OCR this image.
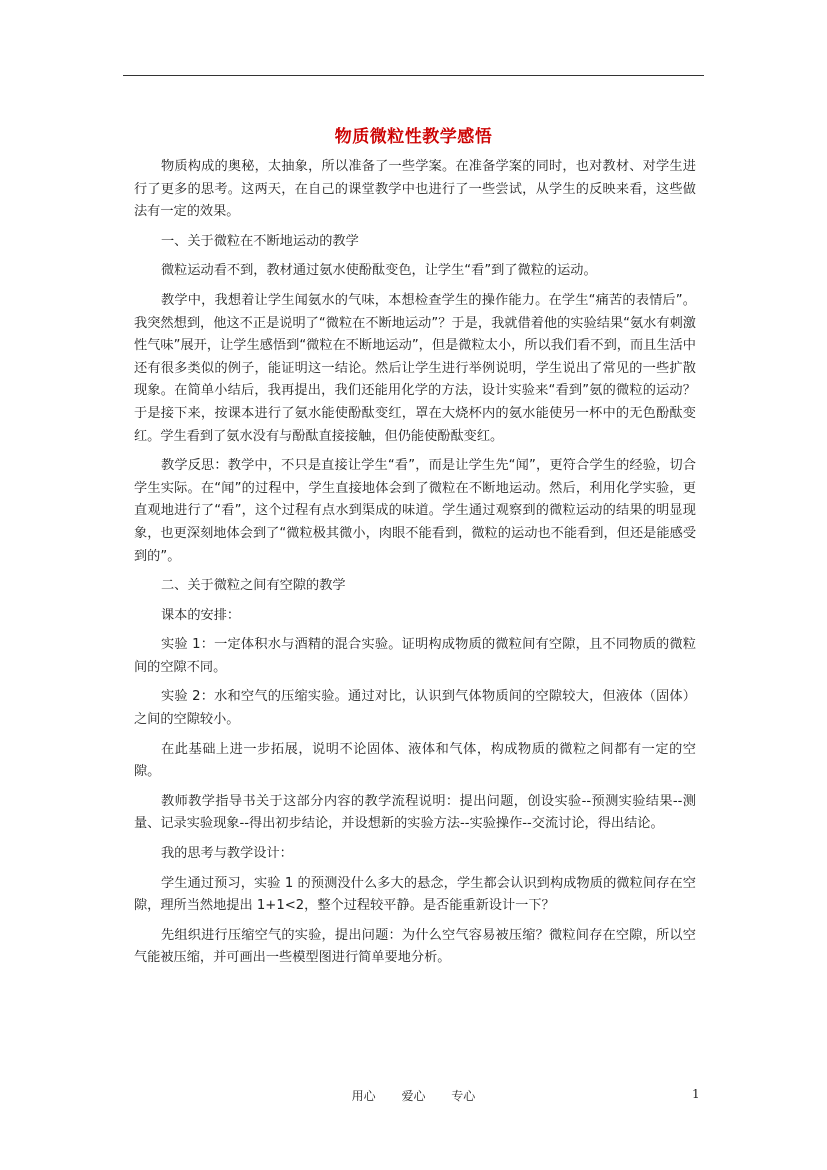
物质微粒性教学感悟

物质构成的奥秘，太抽象，所以准备了一些学案。在准备学案的同时，也对教材、对学生进行了更多的思考。这两天，在自己的课堂教学中也进行了一些尝试，从学生的反映来看，这些做法有一定的效果。

一、关于微粒在不断地运动的教学

微粒运动看不到，教材通过氨水使酚酞变色，让学生“看”到了微粒的运动。

教学中，我想着让学生闻氨水的气味，本想检查学生的操作能力。在学生“痛苦的表情后”。我突然想到，他这不正是说明了“微粒在不断地运动”？于是，我就借着他的实验结果“氨水有刺激性气味”展开，让学生感悟到“微粒在不断地运动”，但是微粒太小，所以我们看不到，而且生活中还有很多类似的例子，能证明这一结论。然后让学生进行举例说明，学生说出了常见的一些扩散现象。在简单小结后，我再提出，我们还能用化学的方法，设计实验来“看到”氨的微粒的运动？于是接下来，按课本进行了氨水能使酚酞变红，罩在大烧杯内的氨水能使另一杯中的无色酚酞变红。学生看到了氨水没有与酚酞直接接触，但仍能使酚酞变红。

教学反思：教学中，不只是直接让学生“看”，而是让学生先“闻”，更符合学生的经验，切合学生实际。在“闻”的过程中，学生直接地体会到了微粒在不断地运动。然后，利用化学实验，更直观地进行了“看”，这个过程有点水到渠成的味道。学生通过观察到的微粒运动的结果的明显现象，也更深刻地体会到了“微粒极其微小，肉眼不能看到，微粒的运动也不能看到，但还是能感受到的”。

二、关于微粒之间有空隙的教学

课本的安排：

实验 1：一定体积水与酒精的混合实验。证明构成物质的微粒间有空隙，且不同物质的微粒间的空隙不同。

实验 2：水和空气的压缩实验。通过对比，认识到气体物质间的空隙较大，但液体（固体）之间的空隙较小。

在此基础上进一步拓展，说明不论固体、液体和气体，构成物质的微粒之间都有一定的空隙。

教师教学指导书关于这部分内容的教学流程说明：提出问题，创设实验--预测实验结果--测量、记录实验现象--得出初步结论，并设想新的实验方法--实验操作--交流讨论，得出结论。

我的思考与教学设计：

学生通过预习，实验 1 的预测没什么多大的悬念，学生都会认识到构成物质的微粒间存在空隙，理所当然地提出 1+1<2，整个过程较平静。是否能重新设计一下？

先组织进行压缩空气的实验，提出问题：为什么空气容易被压缩？微粒间存在空隙，所以空气能被压缩，并可画出一些模型图进行简单要地分析。

用心 爱心 专心	1
